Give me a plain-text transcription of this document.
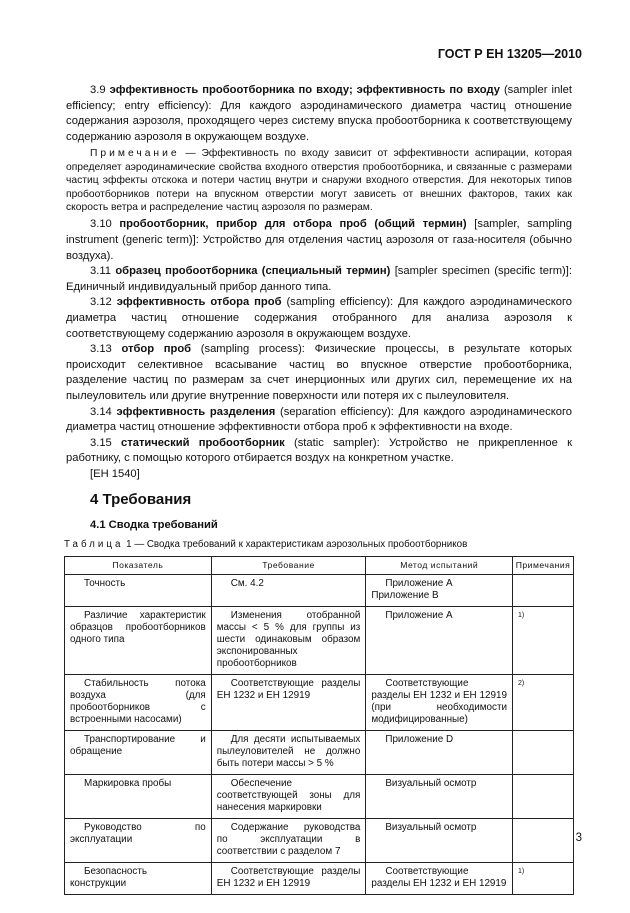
ГОСТ Р ЕН 13205—2010

3.9 эффективность пробоотборника по входу; эффективность по входу (sampler inlet efficiency; entry efficiency): Для каждого аэродинамического диаметра частиц отношение содержания аэрозоля, проходящего через систему впуска пробоотборника к соответствующему содержанию аэрозоля в окружающем воздухе.

Примечание — Эффективность по входу зависит от эффективности аспирации, которая определяет аэродинамические свойства входного отверстия пробоотборника, и связанные с размерами частиц эффекты отскока и потери частиц внутри и снаружи входного отверстия. Для некоторых типов пробоотборников потери на впускном отверстии могут зависеть от внешних факторов, таких как скорость ветра и распределение частиц аэрозоля по размерам.

3.10 пробоотборник, прибор для отбора проб (общий термин) [sampler, sampling instrument (generic term)]: Устройство для отделения частиц аэрозоля от газа-носителя (обычно воздуха).

3.11 образец пробоотборника (специальный термин) [sampler specimen (specific term)]: Единичный индивидуальный прибор данного типа.

3.12 эффективность отбора проб (sampling efficiency): Для каждого аэродинамического диаметра частиц отношение содержания отобранного для анализа аэрозоля к соответствующему содержанию аэрозоля в окружающем воздухе.

3.13 отбор проб (sampling process): Физические процессы, в результате которых происходит селективное всасывание частиц во впускное отверстие пробоотборника, разделение частиц по размерам за счет инерционных или других сил, перемещение их на пылеуловитель или другие внутренние поверхности или потеря их с пылеуловителя.

3.14 эффективность разделения (separation efficiency): Для каждого аэродинамического диаметра частиц отношение эффективности отбора проб к эффективности на входе.

3.15 статический пробоотборник (static sampler): Устройство не прикрепленное к работнику, с помощью которого отбирается воздух на конкретном участке.

[ЕН 1540]

4 Требования
4.1 Сводка требований
Таблица 1 — Сводка требований к характеристикам аэрозольных пробоотборников
Показатель	Требование	Метод испытаний	Примечания
Точность	См. 4.2	Приложение А
Приложение В	
Различие характеристик образцов пробоотборников одного типа	Изменения отобранной массы < 5 % для группы из шести одинаковым образом экспонированных пробоотборников	Приложение А	1)
Стабильность потока воздуха (для пробоотборников с встроенными насосами)	Соответствующие разделы ЕН 1232 и ЕН 12919	Соответствующие разделы ЕН 1232 и ЕН 12919 (при необходимости модифицированные)	2)
Транспортирование и обращение	Для десяти испытываемых пылеуловителей не должно быть потери массы > 5 %	Приложение D	
Маркировка пробы	Обеспечение соответствующей зоны для нанесения маркировки	Визуальный осмотр	
Руководство по эксплуатации	Содержание руководства по эксплуатации в соответствии с разделом 7	Визуальный осмотр	
Безопасность конструкции	Соответствующие разделы ЕН 1232 и ЕН 12919	Соответствующие разделы ЕН 1232 и ЕН 12919	1)
3
